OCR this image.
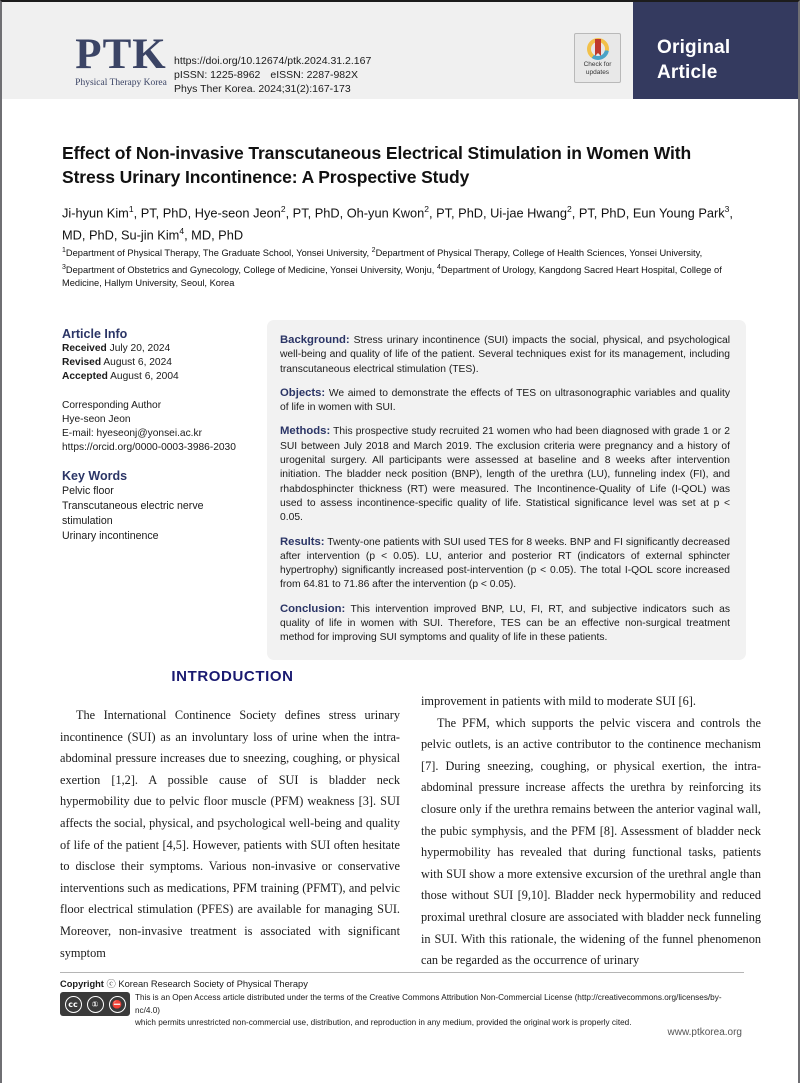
PTK
Physical Therapy Korea
https://doi.org/10.12674/ptk.2024.31.2.167
pISSN: 1225-8962 eISSN: 2287-982X
Phys Ther Korea. 2024;31(2):167-173
Check for
updates
Original Article
Effect of Non-invasive Transcutaneous Electrical Stimulation in Women With Stress Urinary Incontinence: A Prospective Study
Ji-hyun Kim$^1$, PT, PhD, Hye-seon Jeon$^2$, PT, PhD, Oh-yun Kwon$^2$, PT, PhD, Ui-jae Hwang$^2$, PT, PhD, Eun Young Park$^3$, MD, PhD, Su-jin Kim$^4$, MD, PhD
$^1$Department of Physical Therapy, The Graduate School, Yonsei University, $^2$Department of Physical Therapy, College of Health Sciences, Yonsei University, $^3$Department of Obstetrics and Gynecology, College of Medicine, Yonsei University, Wonju, $^4$Department of Urology, Kangdong Sacred Heart Hospital, College of Medicine, Hallym University, Seoul, Korea
Article Info
Received July 20, 2024
Revised August 6, 2024
Accepted August 6, 2004
Corresponding Author
Hye-seon Jeon
E-mail: hyeseonj@yonsei.ac.kr
https://orcid.org/0000-0003-3986-2030
Key Words
Pelvic floor
Transcutaneous electric nerve stimulation
Urinary incontinence

Background: Stress urinary incontinence (SUI) impacts the social, physical, and psychological well-being and quality of life of the patient. Several techniques exist for its management, including transcutaneous electrical stimulation (TES).

Objects: We aimed to demonstrate the effects of TES on ultrasonographic variables and quality of life in women with SUI.

Methods: This prospective study recruited 21 women who had been diagnosed with grade 1 or 2 SUI between July 2018 and March 2019. The exclusion criteria were pregnancy and a history of urogenital surgery. All participants were assessed at baseline and 8 weeks after intervention initiation. The bladder neck position (BNP), length of the urethra (LU), funneling index (FI), and rhabdosphincter thickness (RT) were measured. The Incontinence-Quality of Life (I-QOL) was used to assess incontinence-specific quality of life. Statistical significance level was set at p < 0.05.

Results: Twenty-one patients with SUI used TES for 8 weeks. BNP and FI significantly decreased after intervention (p < 0.05). LU, anterior and posterior RT (indicators of external sphincter hypertrophy) significantly increased post-intervention (p < 0.05). The total I-QOL score increased from 64.81 to 71.86 after the intervention (p < 0.05).

Conclusion: This intervention improved BNP, LU, FI, RT, and subjective indicators such as quality of life in women with SUI. Therefore, TES can be an effective non-surgical treatment method for improving SUI symptoms and quality of life in these patients.

INTRODUCTION

The International Continence Society defines stress urinary incontinence (SUI) as an involuntary loss of urine when the intra-abdominal pressure increases due to sneezing, coughing, or physical exertion [1,2]. A possible cause of SUI is bladder neck hypermobility due to pelvic floor muscle (PFM) weakness [3]. SUI affects the social, physical, and psychological well-being and quality of life of the patient [4,5]. However, patients with SUI often hesitate to disclose their symptoms. Various non-invasive or conservative interventions such as medications, PFM training (PFMT), and pelvic floor electrical stimulation (PFES) are available for managing SUI. Moreover, non-invasive treatment is associated with significant symptom

improvement in patients with mild to moderate SUI [6].

The PFM, which supports the pelvic viscera and controls the pelvic outlets, is an active contributor to the continence mechanism [7]. During sneezing, coughing, or physical exertion, the intra-abdominal pressure increase affects the urethra by reinforcing its closure only if the urethra remains between the anterior vaginal wall, the pubic symphysis, and the PFM [8]. Assessment of bladder neck hypermobility has revealed that during functional tasks, patients with SUI show a more extensive excursion of the urethral angle than those without SUI [9,10]. Bladder neck hypermobility and reduced proximal urethral closure are associated with bladder neck funneling in SUI. With this rationale, the widening of the funnel phenomenon can be regarded as the occurrence of urinary

Copyright ⓒ Korean Research Society of Physical Therapy
cc	①	⛔
This is an Open Access article distributed under the terms of the Creative Commons Attribution Non-Commercial License (http://creativecommons.org/licenses/by-nc/4.0)
which permits unrestricted non-commercial use, distribution, and reproduction in any medium, provided the original work is properly cited.
www.ptkorea.org
